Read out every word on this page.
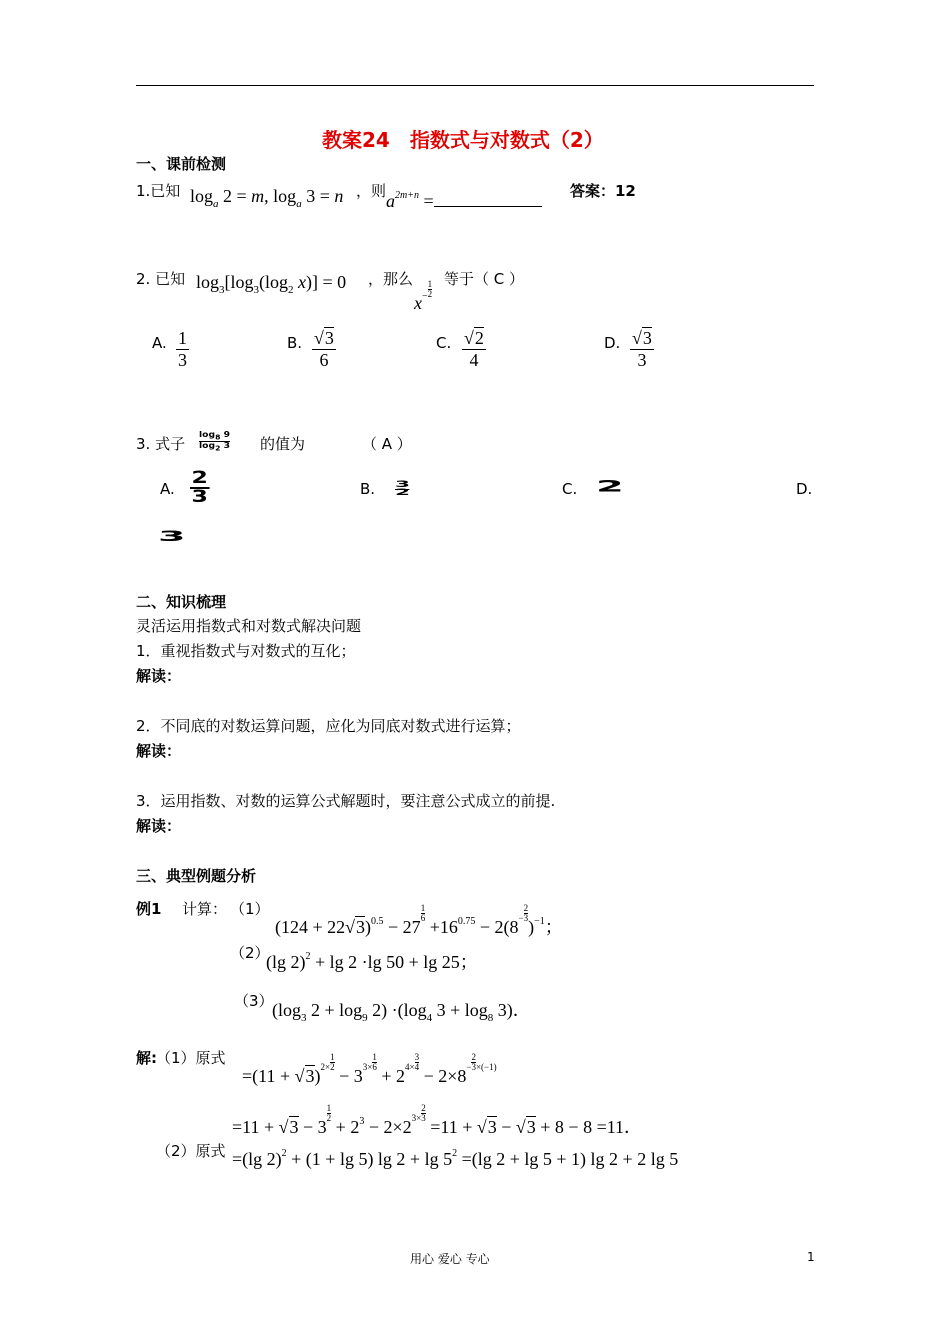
教案24　指数式与对数式（2）
一、课前检测
1.已知 $\log_a 2 = m$, $\log_a 3 = n$ ，则 $a^{2m+n}$ =	答案：12
2. 已知 $\log_3[\log_3(\log_2$ x)] = 0 ，那么
$x^- \frac{1}{2}$
等于（ C ）
A. $\frac{1}{3}$	B. $\frac{√3}{6}$	C. $\frac{√2}{4}$	D. $\frac{√3}{3}$
3. 式子
$\log_8 9$
$\log_2 3$ 的值为	（ A ）
A.
2
3	B. 3
2	C. 2	D.
3
二、知识梳理
灵活运用指数式和对数式解决问题
1．重视指数式与对数式的互化；
解读：
2．不同底的对数运算问题，应化为同底对数式进行运算；
解读：
3．运用指数、对数的运算公式解题时，要注意公式成立的前提.
解读：
三、典型例题分析
例1 计算： （1）
$(124 + 22√3)^{0.5} - 27$
$\frac{1}{6}$
$+16^{0.75} - 2(8^- \frac{2}{3}$
)$^{-1}$；
（2）
(lg 2)$^2$ + lg 2 ·lg 50 + lg 25；
（3）
($\log_3$ $2 + \log_9 2) \cdot(\log_4$ $3 + \log_8 3$)．
解: （1）原式
$=(11 + √3)^{2\times} \frac{1}{2}$
− $3^{3\times} \frac{1}{6}$
+ $2^{4\times} \frac{3}{4}$
− $2\times 8^- \frac{2}{3} ^{\times(-1)}$
=11 + √3 − 3
$\frac{1}{2}$
+ $2^3 - 2\times 2^{3\times} \frac{2}{3}$
=11 + √3 − √3 + 8 − 8 =11．
（2）原式 =(lg 2)$^2$ + (1 + lg 5) $\lg 2 + \lg 5^2 =(\lg$ 2 + lg 5 + 1) lg 2 + 2 lg 5
用心 爱心 专心	1
